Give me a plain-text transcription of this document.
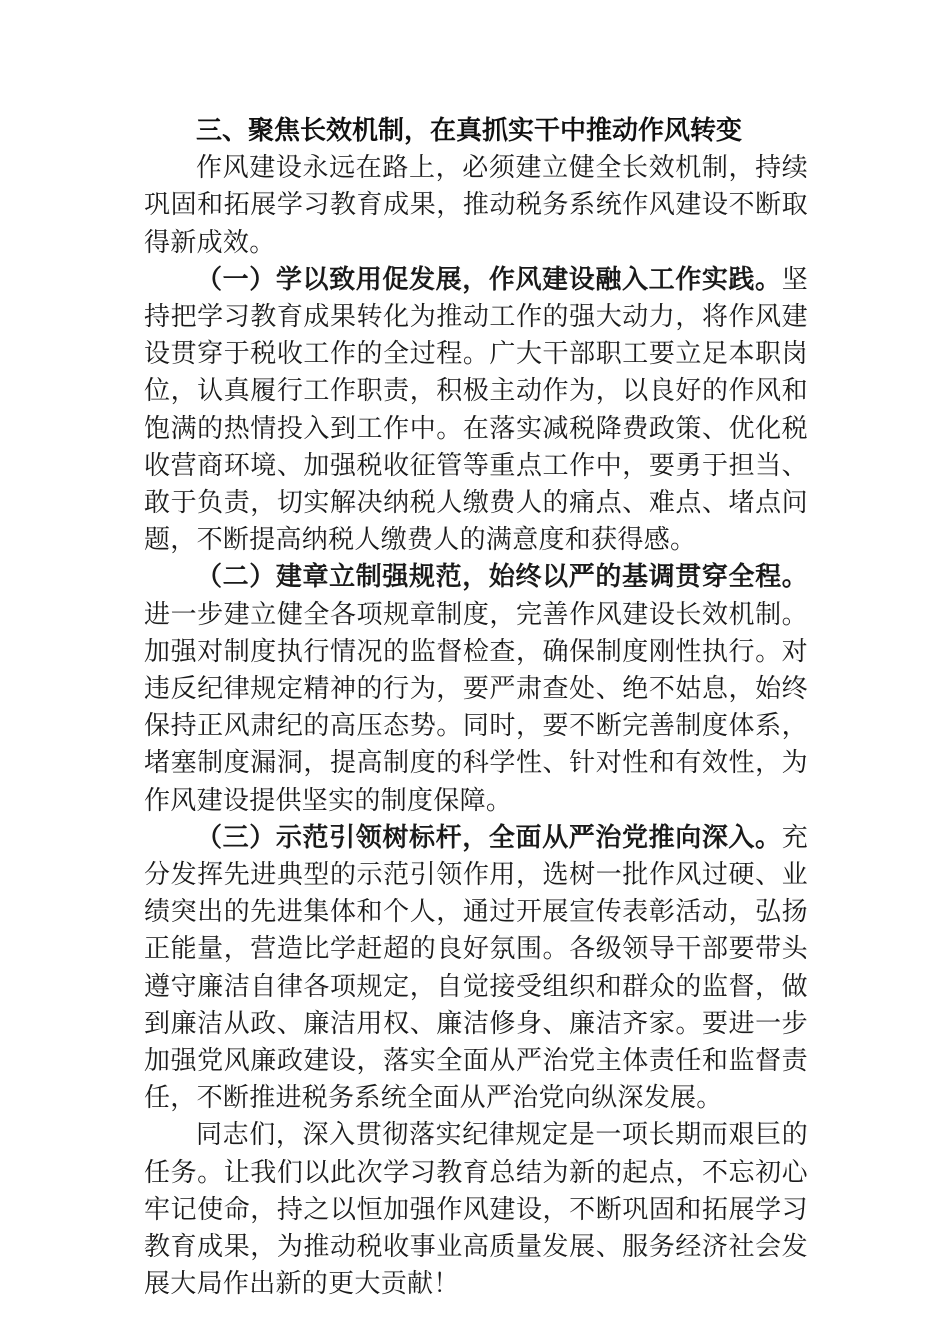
三、聚焦长效机制，在真抓实干中推动作风转变

作风建设永远在路上，必须建立健全长效机制，持续巩固和拓展学习教育成果，推动税务系统作风建设不断取得新成效。

（一）学以致用促发展，作风建设融入工作实践。坚持把学习教育成果转化为推动工作的强大动力，将作风建设贯穿于税收工作的全过程。广大干部职工要立足本职岗位，认真履行工作职责，积极主动作为，以良好的作风和饱满的热情投入到工作中。在落实减税降费政策、优化税收营商环境、加强税收征管等重点工作中，要勇于担当、敢于负责，切实解决纳税人缴费人的痛点、难点、堵点问题，不断提高纳税人缴费人的满意度和获得感。

（二）建章立制强规范，始终以严的基调贯穿全程。进一步建立健全各项规章制度，完善作风建设长效机制。加强对制度执行情况的监督检查，确保制度刚性执行。对违反纪律规定精神的行为，要严肃查处、绝不姑息，始终保持正风肃纪的高压态势。同时，要不断完善制度体系，堵塞制度漏洞，提高制度的科学性、针对性和有效性，为作风建设提供坚实的制度保障。

（三）示范引领树标杆，全面从严治党推向深入。充分发挥先进典型的示范引领作用，选树一批作风过硬、业绩突出的先进集体和个人，通过开展宣传表彰活动，弘扬正能量，营造比学赶超的良好氛围。各级领导干部要带头遵守廉洁自律各项规定，自觉接受组织和群众的监督，做到廉洁从政、廉洁用权、廉洁修身、廉洁齐家。要进一步加强党风廉政建设，落实全面从严治党主体责任和监督责任，不断推进税务系统全面从严治党向纵深发展。

同志们，深入贯彻落实纪律规定是一项长期而艰巨的任务。让我们以此次学习教育总结为新的起点，不忘初心牢记使命，持之以恒加强作风建设，不断巩固和拓展学习教育成果，为推动税收事业高质量发展、服务经济社会发展大局作出新的更大贡献！
